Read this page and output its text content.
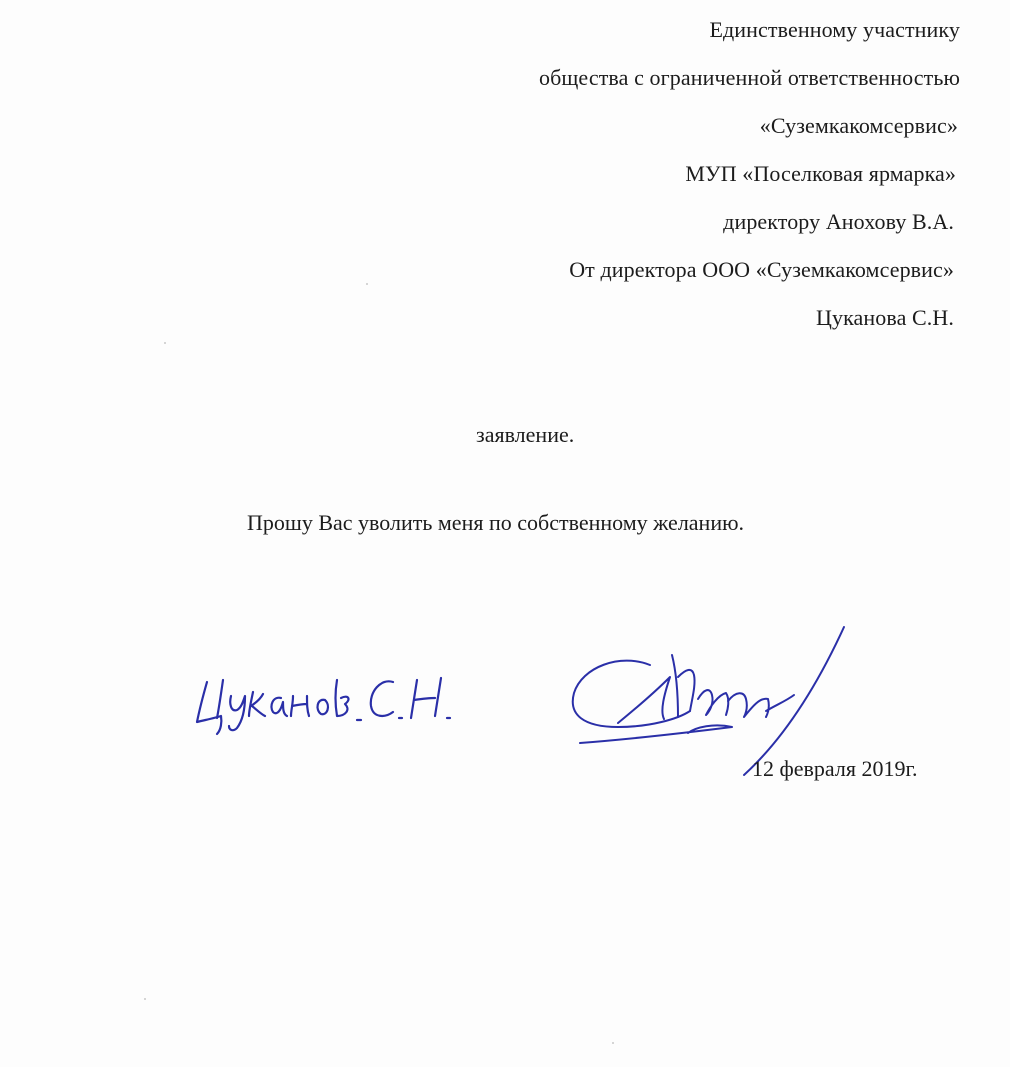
Единственному участнику
общества с ограниченной ответственностью
«Суземкакомсервис»
МУП «Поселковая ярмарка»
директору Анохову В.А.
От директора ООО «Суземкакомсервис»
Цуканова С.Н.
заявление.
Прошу Вас уволить меня по собственному желанию.
12 февраля 2019г.
